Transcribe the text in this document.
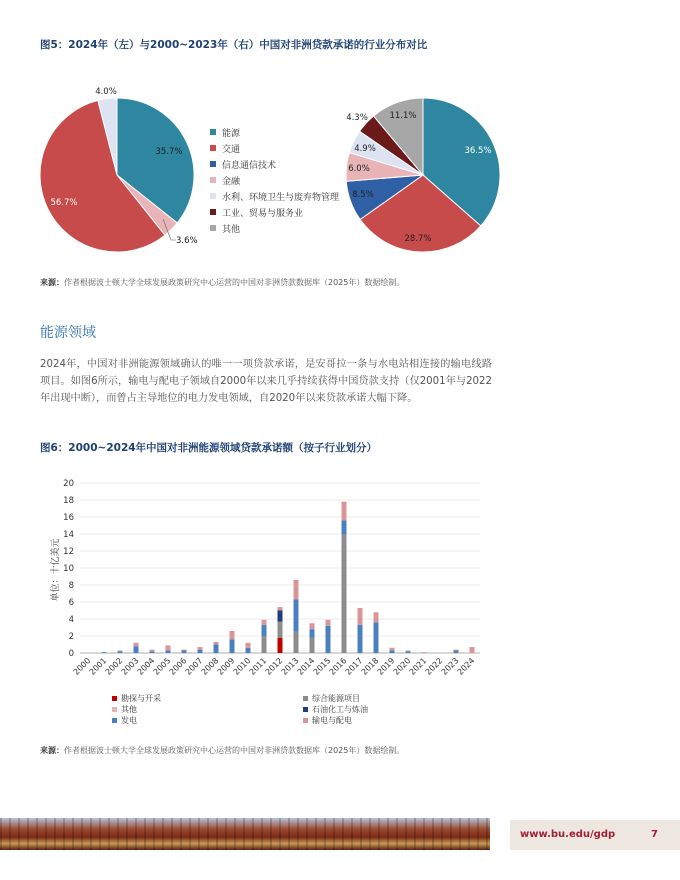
图5：2024年（左）与2000~2023年（右）中国对非洲贷款承诺的行业分布对比
35.7%
3.6%
56.7%
4.0%
36.5%
28.7%
8.5%
6.0%
4.9%
4.3%	11.1%
能源
交通
信息通信技术
金融
水利、环境卫生与废弃物管理
工业、贸易与服务业
其他
来源：作者根据波士顿大学全球发展政策研究中心运营的中国对非洲贷款数据库（2025年）数据绘制。
能源领域
2024年，中国对非洲能源领域确认的唯一一项贷款承诺，是安哥拉一条与水电站相连接的输电线路项目。如图6所示，输电与配电子领域自2000年以来几乎持续获得中国贷款支持（仅2001年与2022年出现中断），而曾占主导地位的电力发电领域，自2020年以来贷款承诺大幅下降。
图6：2000~2024年中国对非洲能源领域贷款承诺额（按子行业划分）
单位：十亿美元
0
2
4
6
8
10
12
14
16
18
20
2000
2001
2002
2003
2004
2005
2006
2007
2008
2009
2010
2011
2012
2013
2014
2015
2016
2017
2018
2019
2020
2021
2022
2023
2024
勘探与开采	综合能源项目
其他	石油化工与炼油
发电	输电与配电
来源：作者根据波士顿大学全球发展政策研究中心运营的中国对非洲贷款数据库（2025年）数据绘制。
www.bu.edu/gdp	7
